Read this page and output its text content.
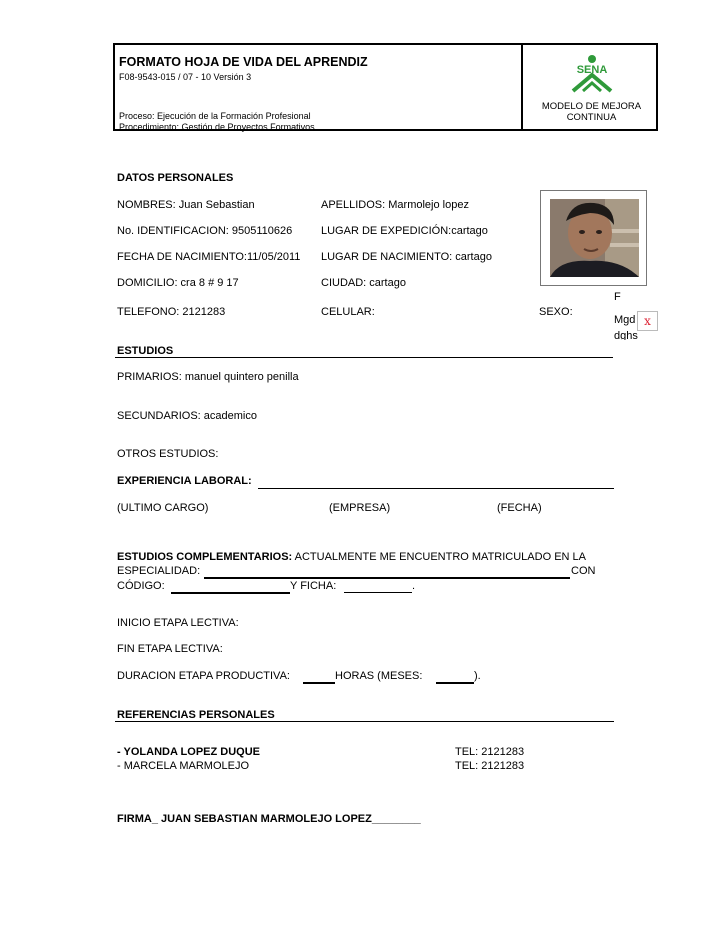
FORMATO HOJA DE VIDA DEL APRENDIZ
F08-9543-015 / 07 - 10 Versión 3
Proceso: Ejecución de la Formación Profesional
Procedimiento: Gestión de Proyectos Formativos
MODELO DE MEJORA CONTINUA
SENA
DATOS PERSONALES
NOMBRES: Juan Sebastian	APELLIDOS: Marmolejo lopez
No. IDENTIFICACION: 9505110626	LUGAR DE EXPEDICIÓN:cartago
FECHA DE NACIMIENTO:11/05/2011 LUGAR DE NACIMIENTO: cartago
DOMICILIO: cra 8 # 9 17	CIUDAD: cartago
TELEFONO: 2121283	CELULAR:	SEXO:
F
Mgd
dghs
x
ESTUDIOS
PRIMARIOS: manuel quintero penilla
SECUNDARIOS: academico
OTROS ESTUDIOS:
EXPERIENCIA LABORAL:
(ULTIMO CARGO)	(EMPRESA)	(FECHA)
ESTUDIOS COMPLEMENTARIOS: ACTUALMENTE ME ENCUENTRO MATRICULADO EN LA
ESPECIALIDAD:	CON
CÓDIGO:	Y FICHA:	.
INICIO ETAPA LECTIVA:
FIN ETAPA LECTIVA:
DURACION ETAPA PRODUCTIVA:	HORAS (MESES:	).
REFERENCIAS PERSONALES
- YOLANDA LOPEZ DUQUE	TEL: 2121283
- MARCELA MARMOLEJO	TEL: 2121283
FIRMA_ JUAN SEBASTIAN MARMOLEJO LOPEZ________
